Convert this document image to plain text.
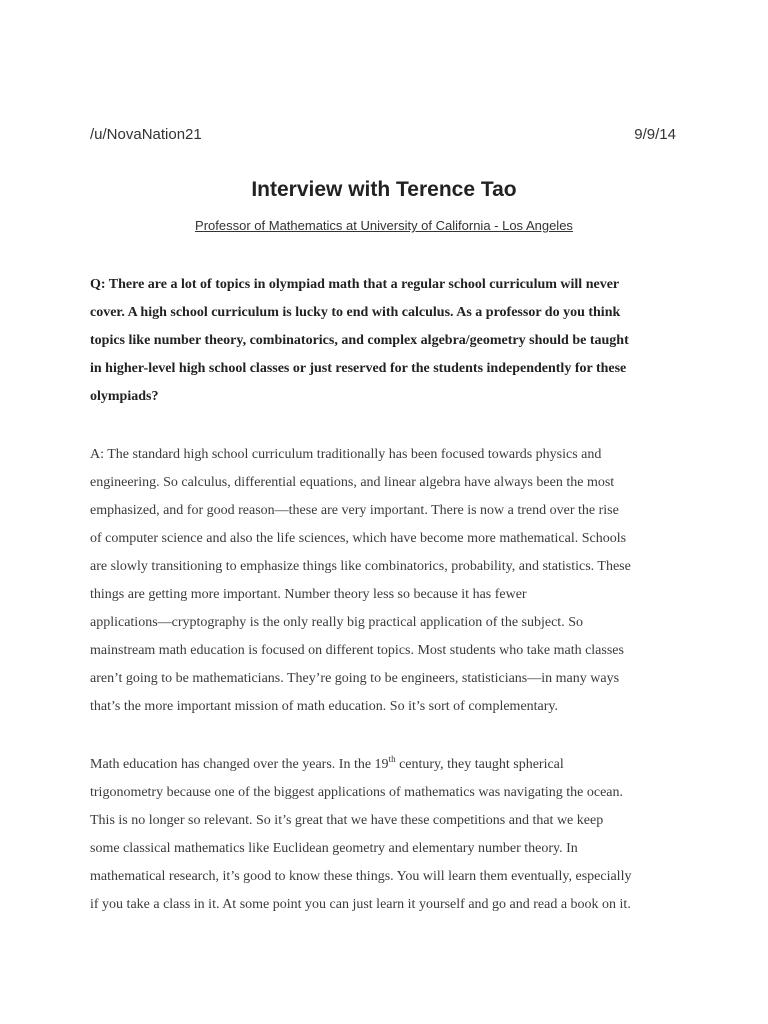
/u/NovaNation21	9/9/14
Interview with Terence Tao
Professor of Mathematics at University of California - Los Angeles
Q: There are a lot of topics in olympiad math that a regular school curriculum will never
cover. A high school curriculum is lucky to end with calculus. As a professor do you think
topics like number theory, combinatorics, and complex algebra/geometry should be taught
in higher-level high school classes or just reserved for the students independently for these
olympiads?
A: The standard high school curriculum traditionally has been focused towards physics and
engineering. So calculus, differential equations, and linear algebra have always been the most
emphasized, and for good reason—these are very important. There is now a trend over the rise
of computer science and also the life sciences, which have become more mathematical. Schools
are slowly transitioning to emphasize things like combinatorics, probability, and statistics. These
things are getting more important. Number theory less so because it has fewer
applications—cryptography is the only really big practical application of the subject. So
mainstream math education is focused on different topics. Most students who take math classes
aren’t going to be mathematicians. They’re going to be engineers, statisticians—in many ways
that’s the more important mission of math education. So it’s sort of complementary.
Math education has changed over the years. In the 19th century, they taught spherical
trigonometry because one of the biggest applications of mathematics was navigating the ocean.
This is no longer so relevant. So it’s great that we have these competitions and that we keep
some classical mathematics like Euclidean geometry and elementary number theory. In
mathematical research, it’s good to know these things. You will learn them eventually, especially
if you take a class in it. At some point you can just learn it yourself and go and read a book on it.
